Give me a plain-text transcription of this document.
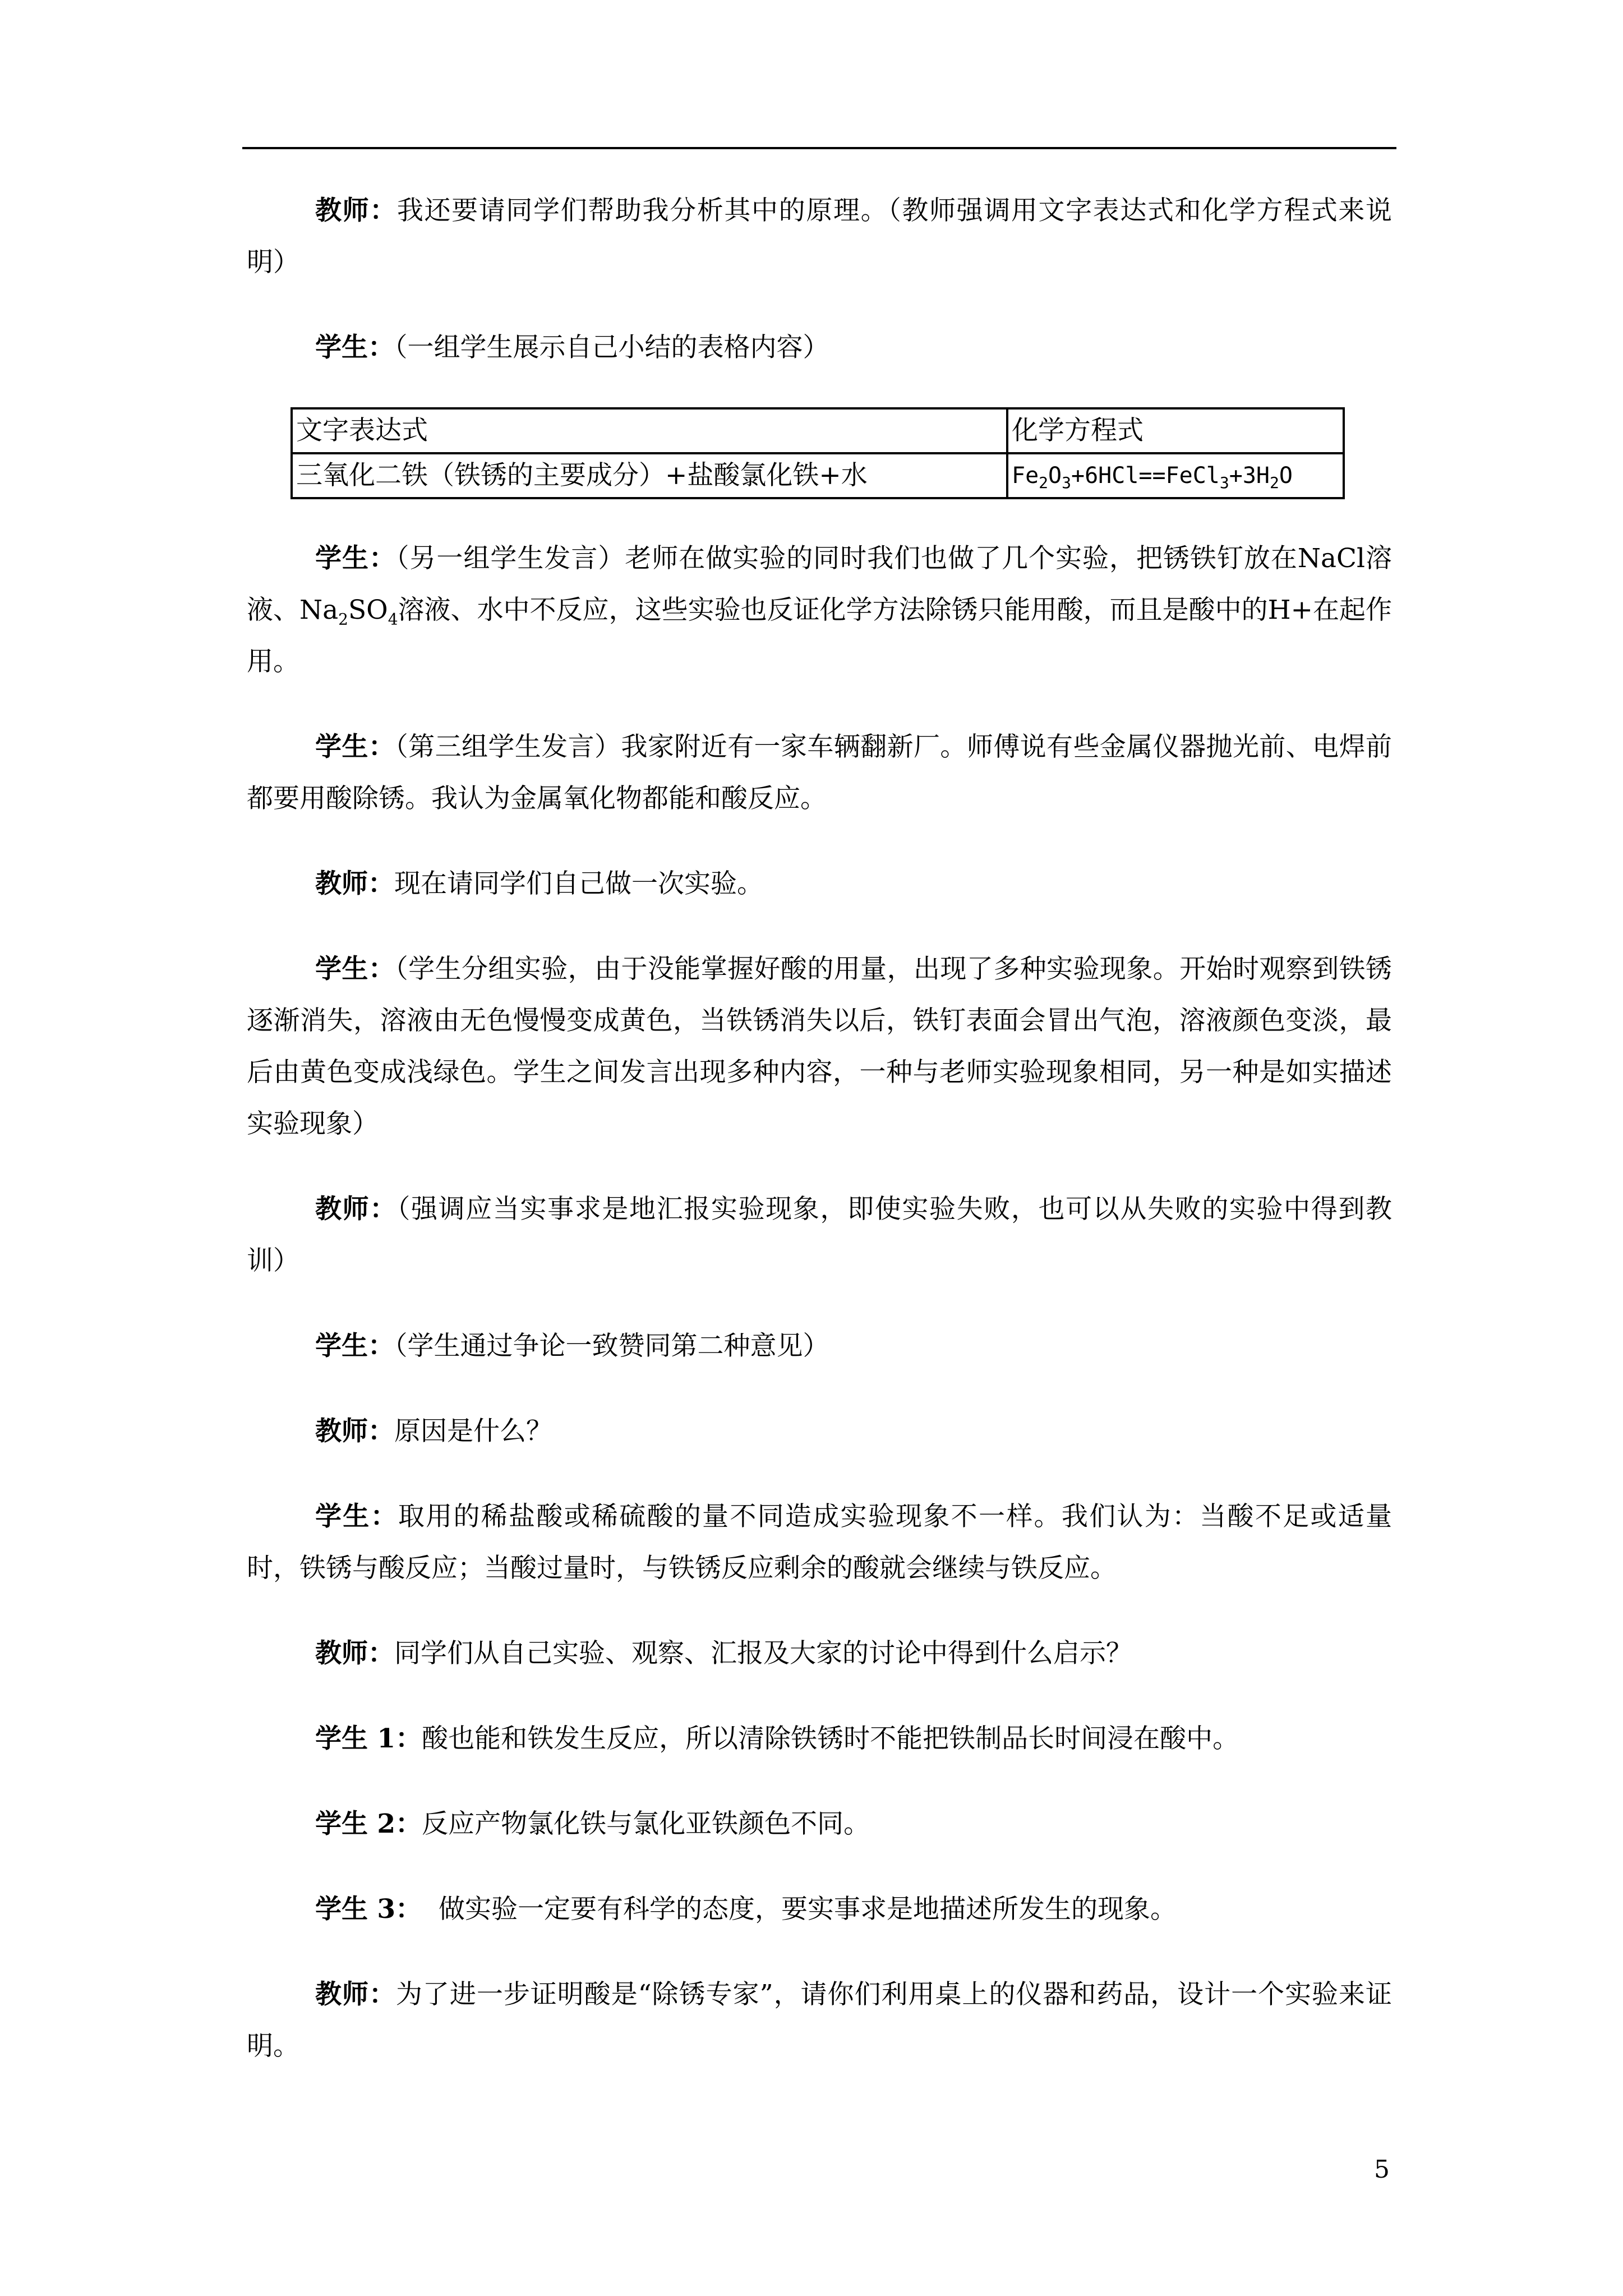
教师：我还要请同学们帮助我分析其中的原理。（教师强调用文字表达式和化学方程式来说明）

学生：（一组学生展示自己小结的表格内容）

文字表达式	化学方程式
三氧化二铁（铁锈的主要成分）+盐酸氯化铁+水	$Fe_2O_3+6HCl==FeCl_3+3H_2O$

学生：（另一组学生发言）老师在做实验的同时我们也做了几个实验，把锈铁钉放在NaCl溶液、$Na_2SO_4$溶液、水中不反应，这些实验也反证化学方法除锈只能用酸，而且是酸中的H+在起作用。

学生：（第三组学生发言）我家附近有一家车辆翻新厂。师傅说有些金属仪器抛光前、电焊前都要用酸除锈。我认为金属氧化物都能和酸反应。

教师：现在请同学们自己做一次实验。

学生：（学生分组实验，由于没能掌握好酸的用量，出现了多种实验现象。开始时观察到铁锈逐渐消失，溶液由无色慢慢变成黄色，当铁锈消失以后，铁钉表面会冒出气泡，溶液颜色变淡，最后由黄色变成浅绿色。学生之间发言出现多种内容，一种与老师实验现象相同，另一种是如实描述实验现象）

教师：（强调应当实事求是地汇报实验现象，即使实验失败，也可以从失败的实验中得到教训）

学生：（学生通过争论一致赞同第二种意见）

教师：原因是什么？

学生：取用的稀盐酸或稀硫酸的量不同造成实验现象不一样。我们认为：当酸不足或适量时，铁锈与酸反应；当酸过量时，与铁锈反应剩余的酸就会继续与铁反应。

教师：同学们从自己实验、观察、汇报及大家的讨论中得到什么启示？

学生 1：酸也能和铁发生反应，所以清除铁锈时不能把铁制品长时间浸在酸中。

学生 2：反应产物氯化铁与氯化亚铁颜色不同。

学生 3：  做实验一定要有科学的态度，要实事求是地描述所发生的现象。

教师：为了进一步证明酸是“除锈专家”，请你们利用桌上的仪器和药品，设计一个实验来证明。

5
